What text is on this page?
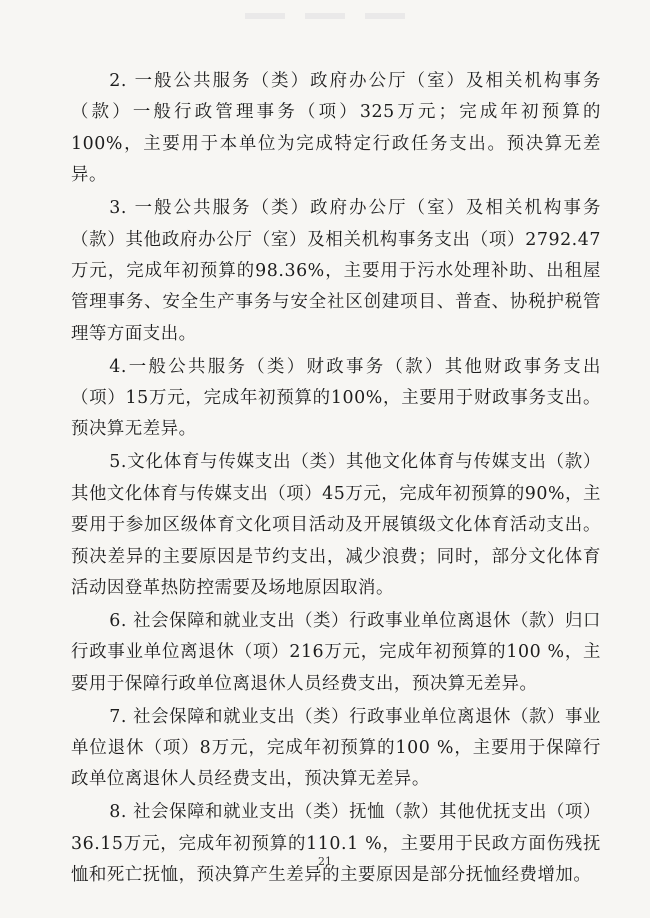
2. 一般公共服务（类）政府办公厅（室）及相关机构事务（款）一般行政管理事务（项）325万元；完成年初预算的100%，主要用于本单位为完成特定行政任务支出。预决算无差异。

3. 一般公共服务（类）政府办公厅（室）及相关机构事务（款）其他政府办公厅（室）及相关机构事务支出（项）2792.47万元，完成年初预算的98.36%，主要用于污水处理补助、出租屋管理事务、安全生产事务与安全社区创建项目、普查、协税护税管理等方面支出。

4.一般公共服务（类）财政事务（款）其他财政事务支出（项）15万元，完成年初预算的100%，主要用于财政事务支出。预决算无差异。

5.文化体育与传媒支出（类）其他文化体育与传媒支出（款）其他文化体育与传媒支出（项）45万元，完成年初预算的90%，主要用于参加区级体育文化项目活动及开展镇级文化体育活动支出。预决差异的主要原因是节约支出，减少浪费；同时，部分文化体育活动因登革热防控需要及场地原因取消。

6. 社会保障和就业支出（类）行政事业单位离退休（款）归口行政事业单位离退休（项）216万元，完成年初预算的100 %，主要用于保障行政单位离退休人员经费支出，预决算无差异。

7. 社会保障和就业支出（类）行政事业单位离退休（款）事业单位退休（项）8万元，完成年初预算的100 %，主要用于保障行政单位离退休人员经费支出，预决算无差异。

8. 社会保障和就业支出（类）抚恤（款）其他优抚支出（项）36.15万元，完成年初预算的110.1 %，主要用于民政方面伤残抚恤和死亡抚恤，预决算产生差异的主要原因是部分抚恤经费增加。

21
